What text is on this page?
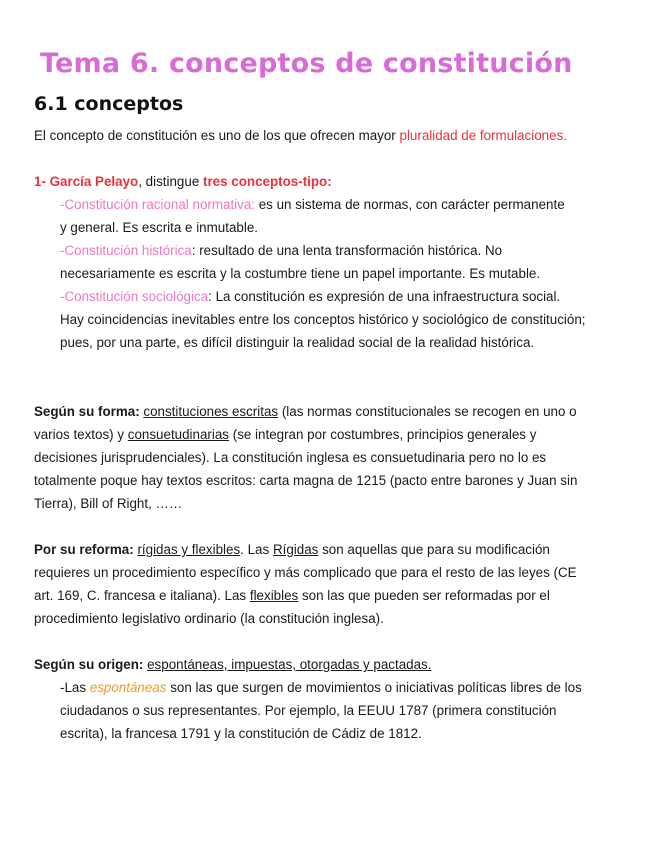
Tema 6. conceptos de constitución
6.1 conceptos
El concepto de constitución es uno de los que ofrecen mayor pluralidad de formulaciones.
1- García Pelayo, distingue tres conceptos-tipo:
-Constitución racional normativa: es un sistema de normas, con carácter permanente
y general. Es escrita e inmutable.
-Constitución histórica: resultado de una lenta transformación histórica. No
necesariamente es escrita y la costumbre tiene un papel importante. Es mutable.
-Constitución sociológica: La constitución es expresión de una infraestructura social.
Hay coincidencias inevitables entre los conceptos histórico y sociológico de constitución;
pues, por una parte, es difícil distinguir la realidad social de la realidad histórica.
Según su forma: constituciones escritas (las normas constitucionales se recogen en uno o
varios textos) y consuetudinarias (se integran por costumbres, principios generales y
decisiones jurisprudenciales). La constitución inglesa es consuetudinaria pero no lo es
totalmente poque hay textos escritos: carta magna de 1215 (pacto entre barones y Juan sin
Tierra), Bill of Right, ……
Por su reforma: rígidas y flexibles. Las Rígidas son aquellas que para su modificación
requieres un procedimiento específico y más complicado que para el resto de las leyes (CE
art. 169, C. francesa e italiana). Las flexibles son las que pueden ser reformadas por el
procedimiento legislativo ordinario (la constitución inglesa).
Según su origen: espontáneas, impuestas, otorgadas y pactadas.
-Las espontáneas son las que surgen de movimientos o iniciativas políticas libres de los
ciudadanos o sus representantes. Por ejemplo, la EEUU 1787 (primera constitución
escrita), la francesa 1791 y la constitución de Cádiz de 1812.
